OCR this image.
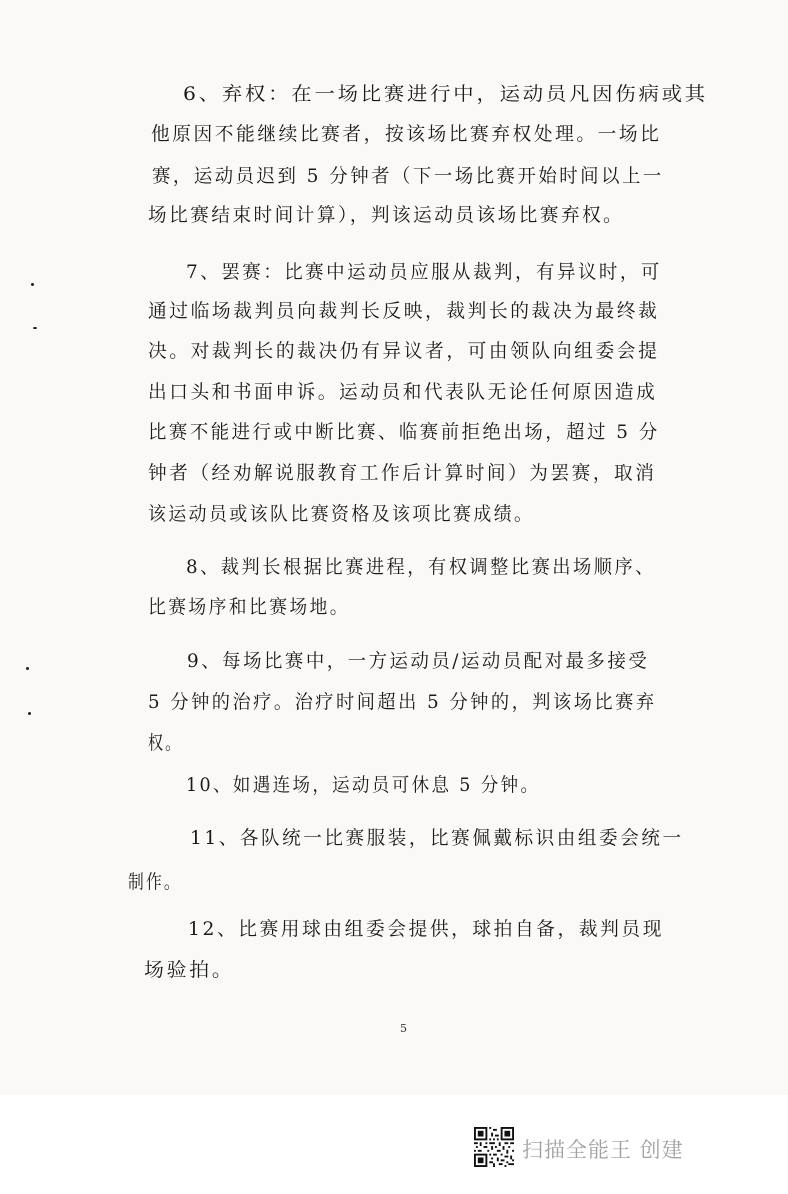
6、弃权：在一场比赛进行中，运动员凡因伤病或其
他原因不能继续比赛者，按该场比赛弃权处理。一场比
赛，运动员迟到 5 分钟者（下一场比赛开始时间以上一
场比赛结束时间计算），判该运动员该场比赛弃权。
7、罢赛：比赛中运动员应服从裁判，有异议时，可
通过临场裁判员向裁判长反映，裁判长的裁决为最终裁
决。对裁判长的裁决仍有异议者，可由领队向组委会提
出口头和书面申诉。运动员和代表队无论任何原因造成
比赛不能进行或中断比赛、临赛前拒绝出场，超过 5 分
钟者（经劝解说服教育工作后计算时间）为罢赛，取消
该运动员或该队比赛资格及该项比赛成绩。
8、裁判长根据比赛进程，有权调整比赛出场顺序、
比赛场序和比赛场地。
9、每场比赛中，一方运动员/运动员配对最多接受
5 分钟的治疗。治疗时间超出 5 分钟的，判该场比赛弃
权。
10、如遇连场，运动员可休息 5 分钟。
11、各队统一比赛服装，比赛佩戴标识由组委会统一
制作。
12、比赛用球由组委会提供，球拍自备，裁判员现
场验拍。
5
扫描全能王 创建
